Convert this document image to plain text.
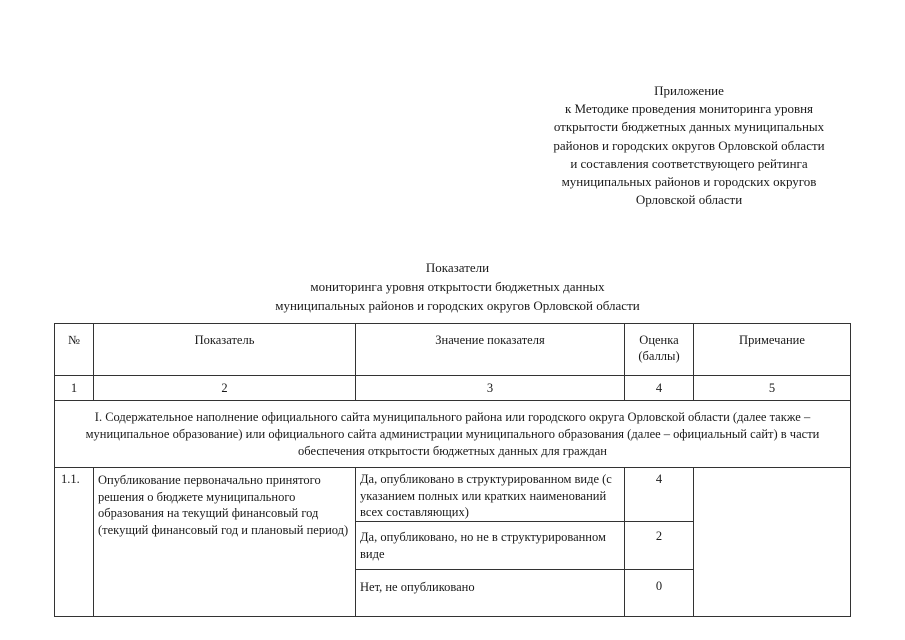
Приложение
к Методике проведения мониторинга уровня
открытости бюджетных данных муниципальных
районов и городских округов Орловской области
и составления соответствующего рейтинга
муниципальных районов и городских округов
Орловской области
Показатели
мониторинга уровня открытости бюджетных данных
муниципальных районов и городских округов Орловской области
№	Показатель	Значение показателя	Оценка (баллы)	Примечание
1	2	3	4	5
I. Содержательное наполнение официального сайта муниципального района или городского округа Орловской области (далее также – муниципальное образование) или официального сайта администрации муниципального образования (далее – официальный сайт) в части обеспечения открытости бюджетных данных для граждан				
1.1.	Опубликование первоначально принятого решения о бюджете муниципального образования на текущий финансовый год (текущий финансовый год и плановый период)	Да, опубликовано в структурированном виде (с указанием полных или кратких наименований всех составляющих)	4	
		Да, опубликовано, но не в структурированном виде	2	
		Нет, не опубликовано	0	
